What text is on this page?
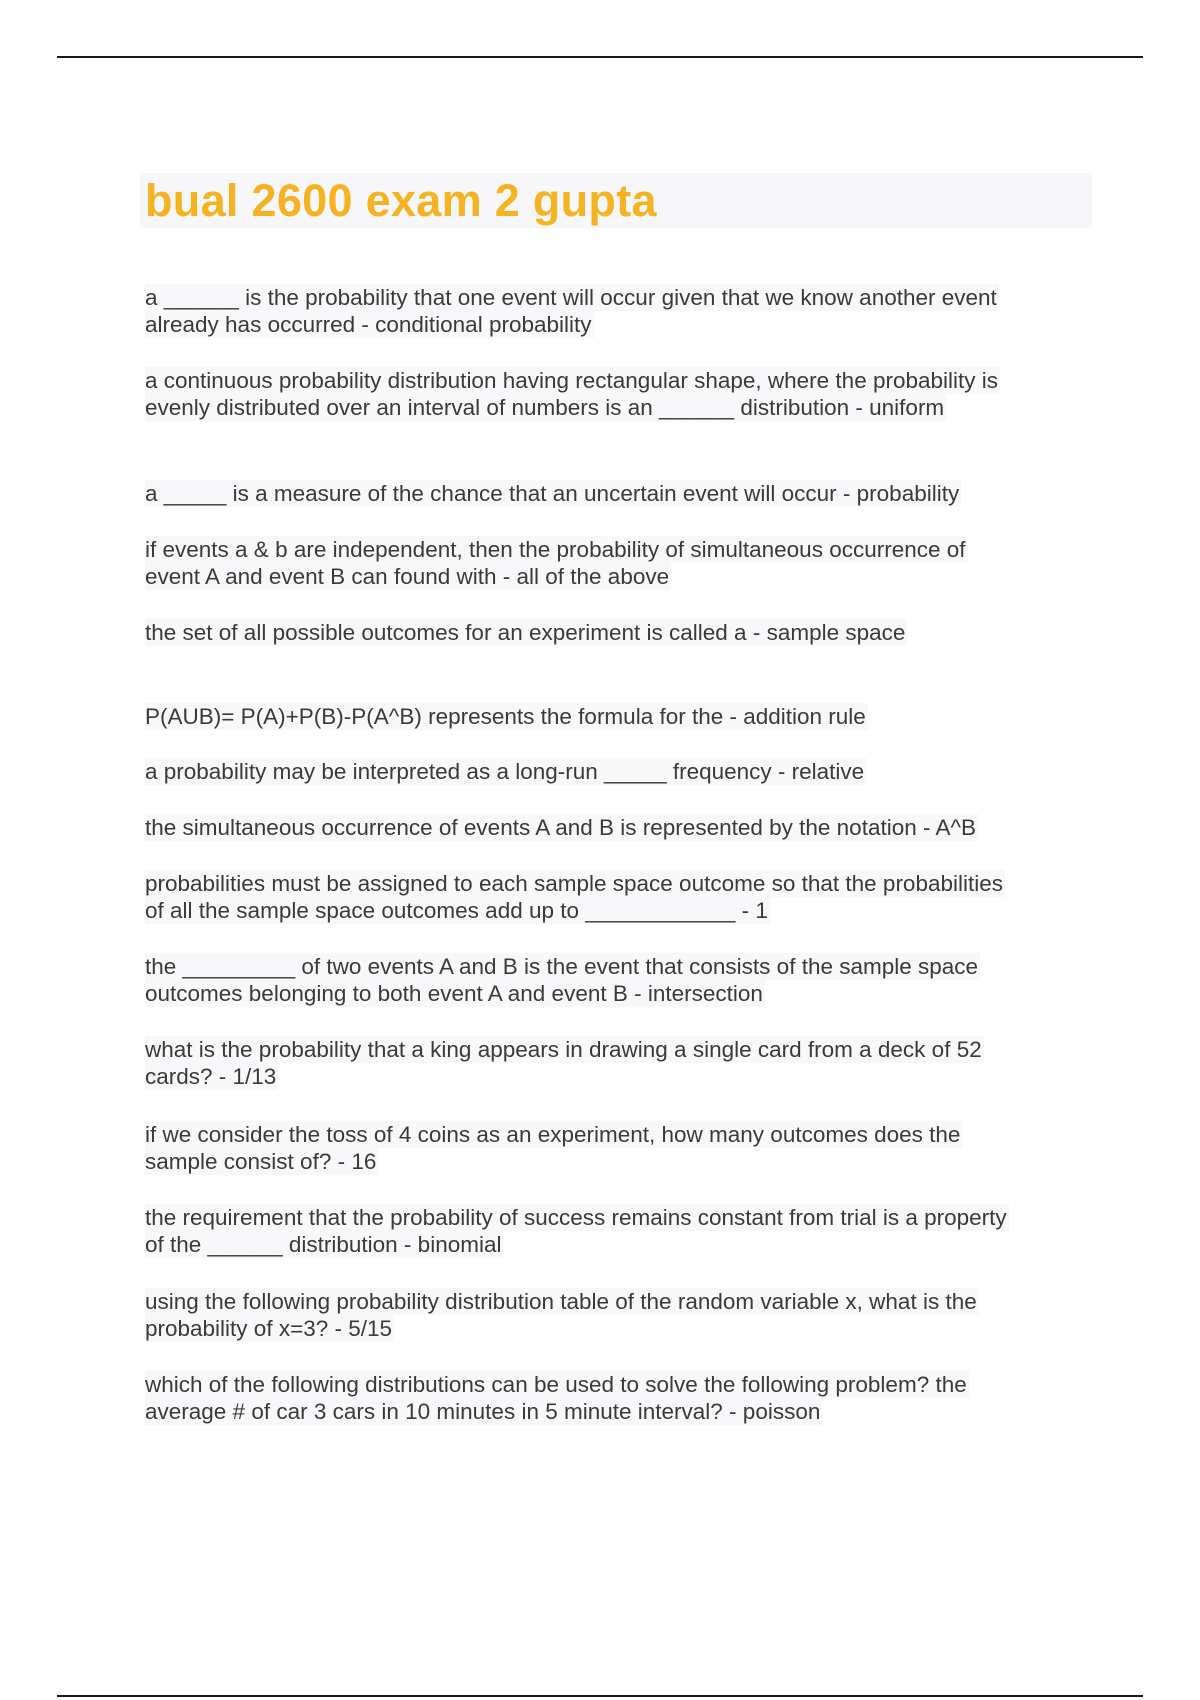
bual 2600 exam 2 gupta
a ______ is the probability that one event will occur given that we know another event
already has occurred - conditional probability
a continuous probability distribution having rectangular shape, where the probability is
evenly distributed over an interval of numbers is an ______ distribution - uniform
a _____ is a measure of the chance that an uncertain event will occur - probability
if events a & b are independent, then the probability of simultaneous occurrence of
event A and event B can found with - all of the above
the set of all possible outcomes for an experiment is called a - sample space
P(AUB)= P(A)+P(B)-P(A^B) represents the formula for the - addition rule
a probability may be interpreted as a long-run _____ frequency - relative
the simultaneous occurrence of events A and B is represented by the notation - A^B
probabilities must be assigned to each sample space outcome so that the probabilities
of all the sample space outcomes add up to ____________ - 1
the _________ of two events A and B is the event that consists of the sample space
outcomes belonging to both event A and event B - intersection
what is the probability that a king appears in drawing a single card from a deck of 52
cards? - 1/13
if we consider the toss of 4 coins as an experiment, how many outcomes does the
sample consist of? - 16
the requirement that the probability of success remains constant from trial is a property
of the ______ distribution - binomial
using the following probability distribution table of the random variable x, what is the
probability of x=3? - 5/15
which of the following distributions can be used to solve the following problem? the
average # of car 3 cars in 10 minutes in 5 minute interval? - poisson
